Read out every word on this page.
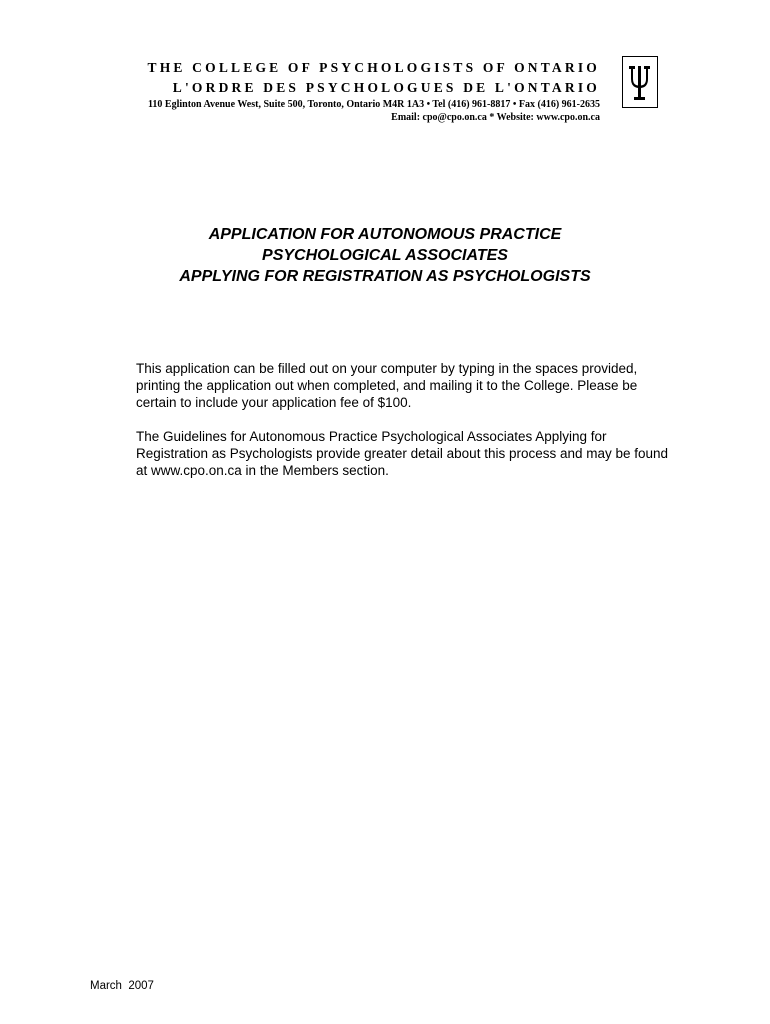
THE COLLEGE OF PSYCHOLOGISTS OF ONTARIO
L'ORDRE DES PSYCHOLOGUES DE L'ONTARIO
110 Eglinton Avenue West, Suite 500, Toronto, Ontario M4R 1A3 • Tel (416) 961-8817 • Fax (416) 961-2635
Email: cpo@cpo.on.ca * Website: www.cpo.on.ca
APPLICATION FOR AUTONOMOUS PRACTICE
PSYCHOLOGICAL ASSOCIATES
APPLYING FOR REGISTRATION AS PSYCHOLOGISTS

This application can be filled out on your computer by typing in the spaces provided,
printing the application out when completed, and mailing it to the College. Please be
certain to include your application fee of $100.

The Guidelines for Autonomous Practice Psychological Associates Applying for
Registration as Psychologists provide greater detail about this process and may be found
at www.cpo.on.ca in the Members section.

March  2007
